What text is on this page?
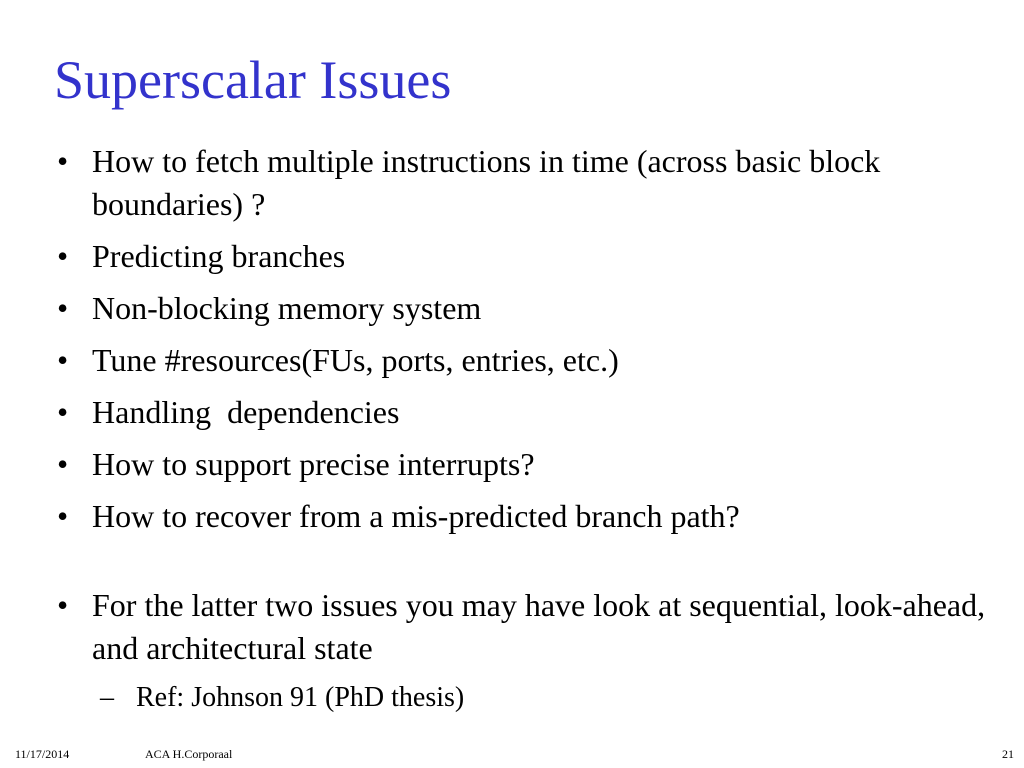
Superscalar Issues
• How to fetch multiple instructions in time (across basic block boundaries) ?
• Predicting branches
• Non-blocking memory system
• Tune #resources(FUs, ports, entries, etc.)
• Handling  dependencies
• How to support precise interrupts?
• How to recover from a mis-predicted branch path?
• For the latter two issues you may have look at sequential, look-ahead, and architectural state
– Ref: Johnson 91 (PhD thesis)
11/17/2014	ACA H.Corporaal	21
